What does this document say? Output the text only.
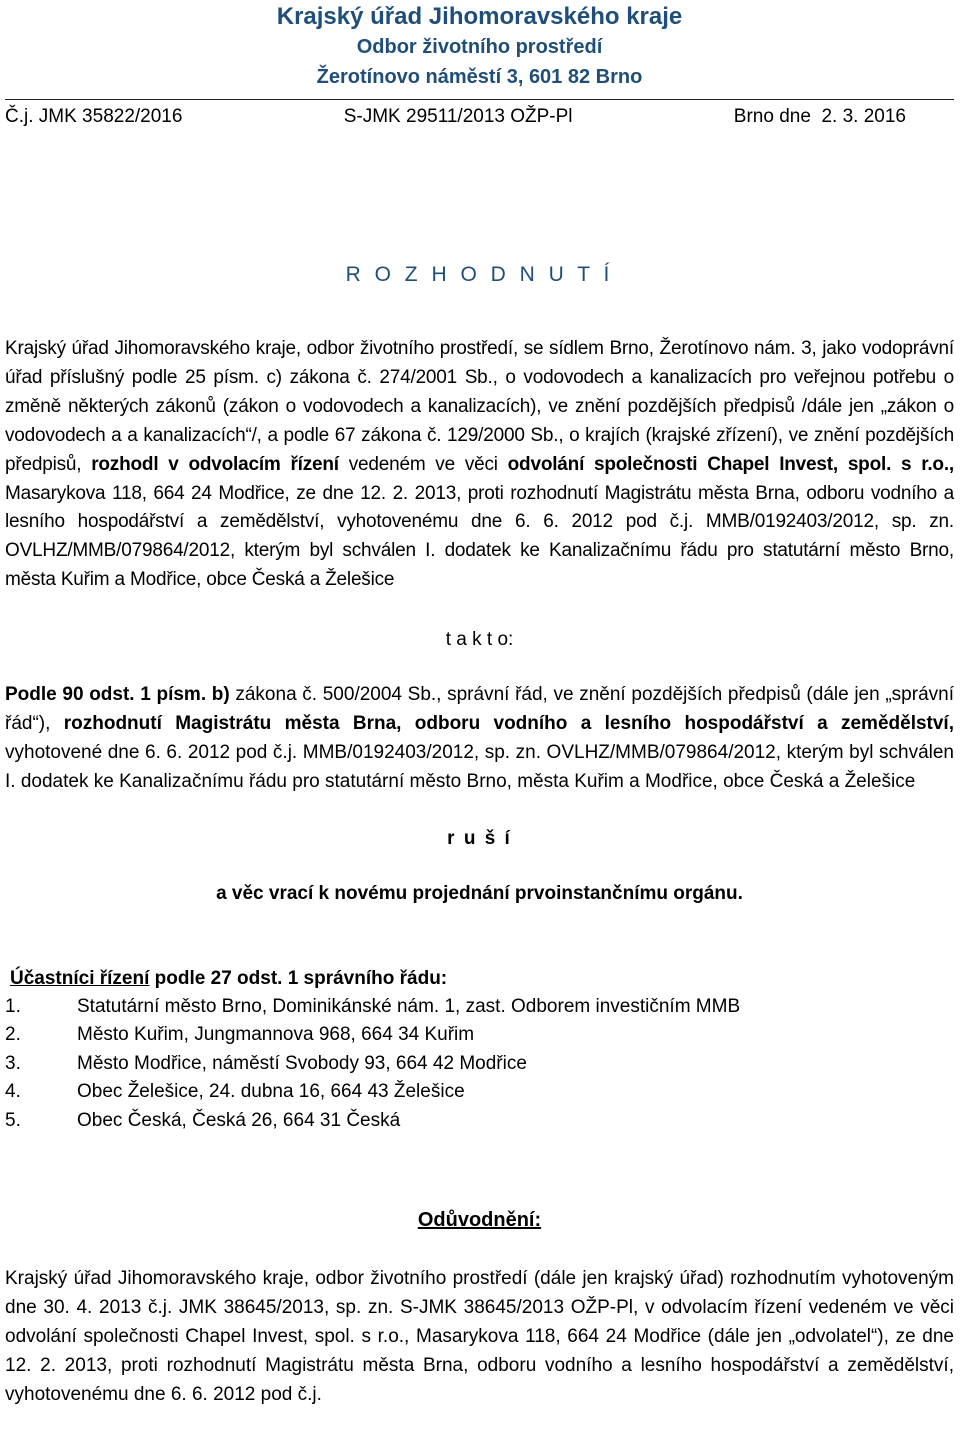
Krajský úřad Jihomoravského kraje
Odbor životního prostředí
Žerotínovo náměstí 3, 601 82 Brno
Č.j. JMK 35822/2016	S-JMK 29511/2013 OŽP-Pl	Brno dne  2. 3. 2016
R O Z H O D N U T Í

Krajský úřad Jihomoravského kraje, odbor životního prostředí, se sídlem Brno, Žerotínovo nám. 3, jako vodoprávní úřad příslušný podle 25 písm. c) zákona č. 274/2001 Sb., o vodovodech a kanalizacích pro veřejnou potřebu o změně některých zákonů (zákon o vodovodech a kanalizacích), ve znění pozdějších předpisů /dále jen „zákon o vodovodech a a kanalizacích“/, a podle 67 zákona č. 129/2000 Sb., o krajích (krajské zřízení), ve znění pozdějších předpisů, rozhodl v odvolacím řízení vedeném ve věci odvolání společnosti Chapel Invest, spol. s r.o., Masarykova 118, 664 24 Modřice, ze dne 12. 2. 2013, proti rozhodnutí Magistrátu města Brna, odboru vodního a lesního hospodářství a zemědělství, vyhotovenému dne 6. 6. 2012 pod č.j. MMB/0192403/2012, sp. zn. OVLHZ/MMB/079864/2012, kterým byl schválen I. dodatek ke Kanalizačnímu řádu pro statutární město Brno, města Kuřim a Modřice, obce Česká a Želešice

t a k t o:

Podle 90 odst. 1 písm. b) zákona č. 500/2004 Sb., správní řád, ve znění pozdějších předpisů (dále jen „správní řád“), rozhodnutí Magistrátu města Brna, odboru vodního a lesního hospodářství a zemědělství, vyhotovené dne 6. 6. 2012 pod č.j. MMB/0192403/2012, sp. zn. OVLHZ/MMB/079864/2012, kterým byl schválen I. dodatek ke Kanalizačnímu řádu pro statutární město Brno, města Kuřim a Modřice, obce Česká a Želešice

r u š í
a věc vrací k novému projednání prvoinstančnímu orgánu.
Účastníci řízení podle 27 odst. 1 správního řádu:
1.	Statutární město Brno, Dominikánské nám. 1, zast. Odborem investičním MMB
2.	Město Kuřim, Jungmannova 968, 664 34 Kuřim
3.	Město Modřice, náměstí Svobody 93, 664 42 Modřice
4.	Obec Želešice, 24. dubna 16, 664 43 Želešice
5.	Obec Česká, Česká 26, 664 31 Česká
Odůvodnění:

Krajský úřad Jihomoravského kraje, odbor životního prostředí (dále jen krajský úřad) rozhodnutím vyhotoveným dne 30. 4. 2013 č.j. JMK 38645/2013, sp. zn. S-JMK 38645/2013 OŽP-Pl, v odvolacím řízení vedeném ve věci odvolání společnosti Chapel Invest, spol. s r.o., Masarykova 118, 664 24 Modřice (dále jen „odvolatel“), ze dne 12. 2. 2013, proti rozhodnutí Magistrátu města Brna, odboru vodního a lesního hospodářství a zemědělství, vyhotovenému dne 6. 6. 2012 pod č.j.
